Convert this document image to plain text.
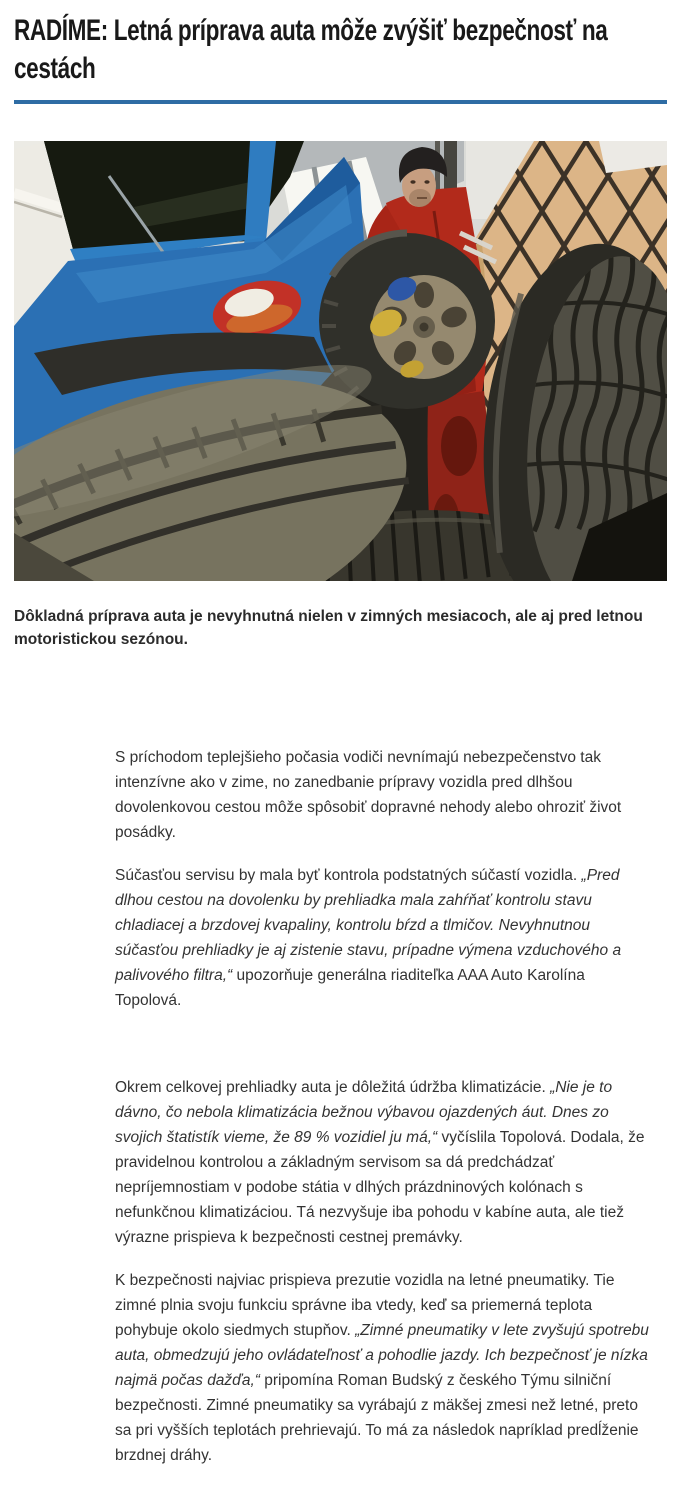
RADÍME: Letná príprava auta môže zvýšiť bezpečnosť na cestách

Dôkladná príprava auta je nevyhnutná nielen v zimných mesiacoch, ale aj pred letnou motoristickou sezónou.

S príchodom teplejšieho počasia vodiči nevnímajú nebezpečenstvo tak intenzívne ako v zime, no zanedbanie prípravy vozidla pred dlhšou dovolenkovou cestou môže spôsobiť dopravné nehody alebo ohroziť život posádky.

Súčasťou servisu by mala byť kontrola podstatných súčastí vozidla. „Pred dlhou cestou na dovolenku by prehliadka mala zahŕňať kontrolu stavu chladiacej a brzdovej kvapaliny, kontrolu bŕzd a tlmičov. Nevyhnutnou súčasťou prehliadky je aj zistenie stavu, prípadne výmena vzduchového a palivového filtra,“ upozorňuje generálna riaditeľka AAA Auto Karolína Topolová.

Okrem celkovej prehliadky auta je dôležitá údržba klimatizácie. „Nie je to dávno, čo nebola klimatizácia bežnou výbavou ojazdených áut. Dnes zo svojich štatistík vieme, že 89 % vozidiel ju má,“ vyčíslila Topolová. Dodala, že pravidelnou kontrolou a základným servisom sa dá predchádzať nepríjemnostiam v podobe státia v dlhých prázdninových kolónach s nefunkčnou klimatizáciou. Tá nezvyšuje iba pohodu v kabíne auta, ale tiež výrazne prispieva k bezpečnosti cestnej premávky.

K bezpečnosti najviac prispieva prezutie vozidla na letné pneumatiky. Tie zimné plnia svoju funkciu správne iba vtedy, keď sa priemerná teplota pohybuje okolo siedmych stupňov. „Zimné pneumatiky v lete zvyšujú spotrebu auta, obmedzujú jeho ovládateľnosť a pohodlie jazdy. Ich bezpečnosť je nízka najmä počas dažďa,“ pripomína Roman Budský z českého Týmu silniční bezpečnosti. Zimné pneumatiky sa vyrábajú z mäkšej zmesi než letné, preto sa pri vyšších teplotách prehrievajú. To má za následok napríklad predĺženie brzdnej dráhy.
